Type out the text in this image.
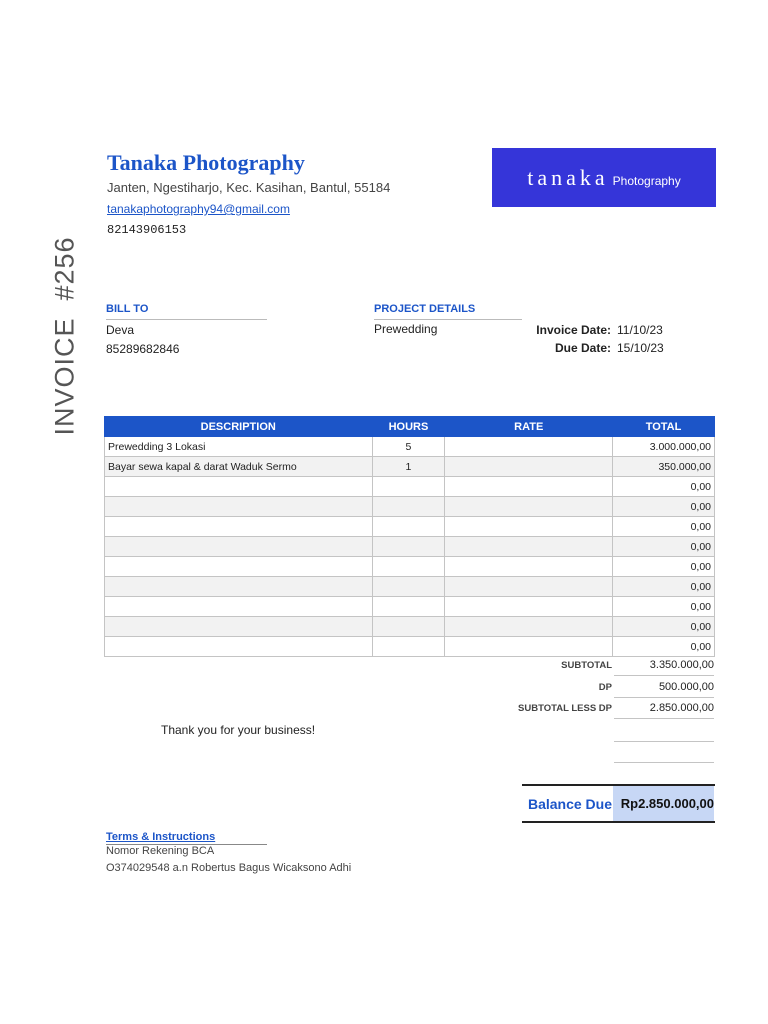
Tanaka Photography
Janten, Ngestiharjo, Kec. Kasihan, Bantul, 55184
tanakaphotography94@gmail.com
82143906153
tanaka Photography
INVOICE  #256 BILL TO
Deva
85289682846
PROJECT DETAILS
Prewedding	Invoice Date: 11/10/23
Due Date: 15/10/23
DESCRIPTION	HOURS	RATE	TOTAL
Prewedding 3 Lokasi	5		3.000.000,00
Bayar sewa kapal & darat Waduk Sermo	1		350.000,00
			0,00
			0,00
			0,00
			0,00
			0,00
			0,00
			0,00
			0,00
			0,00
SUBTOTAL	3.350.000,00
DP	500.000,00
SUBTOTAL LESS DP	2.850.000,00
Thank you for your business!
Balance Due Rp2.850.000,00
Terms & Instructions
Nomor Rekening BCA
O374029548 a.n Robertus Bagus Wicaksono Adhi
